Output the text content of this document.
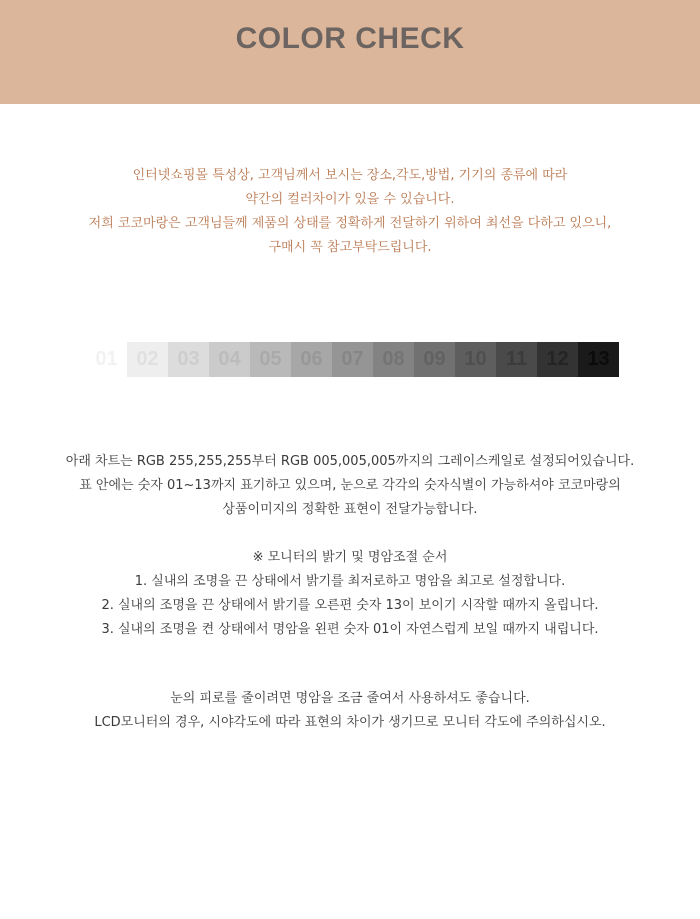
COLOR CHECK
인터넷쇼핑몰 특성상, 고객님께서 보시는 장소,각도,방법, 기기의 종류에 따라
약간의 컬러차이가 있을 수 있습니다.
저희 코코마랑은 고객님들께 제품의 상태를 정확하게 전달하기 위하여 최선을 다하고 있으니,
구매시 꼭 참고부탁드립니다.
01 02 03 04 05 06 07 08 09 10 11 12 13
아래 차트는 RGB 255,255,255부터 RGB 005,005,005까지의 그레이스케일로 설정되어있습니다.
표 안에는 숫자 01~13까지 표기하고 있으며, 눈으로 각각의 숫자식별이 가능하셔야 코코마랑의
상품이미지의 정확한 표현이 전달가능합니다.
※ 모니터의 밝기 및 명암조절 순서
1. 실내의 조명을 끈 상태에서 밝기를 최저로하고 명암을 최고로 설정합니다.
2. 실내의 조명을 끈 상태에서 밝기를 오른편 숫자 13이 보이기 시작할 때까지 올립니다.
3. 실내의 조명을 켠 상태에서 명암을 왼편 숫자 01이 자연스럽게 보일 때까지 내립니다.
눈의 피로를 줄이려면 명암을 조금 줄여서 사용하셔도 좋습니다.
LCD모니터의 경우, 시야각도에 따라 표현의 차이가 생기므로 모니터 각도에 주의하십시오.
